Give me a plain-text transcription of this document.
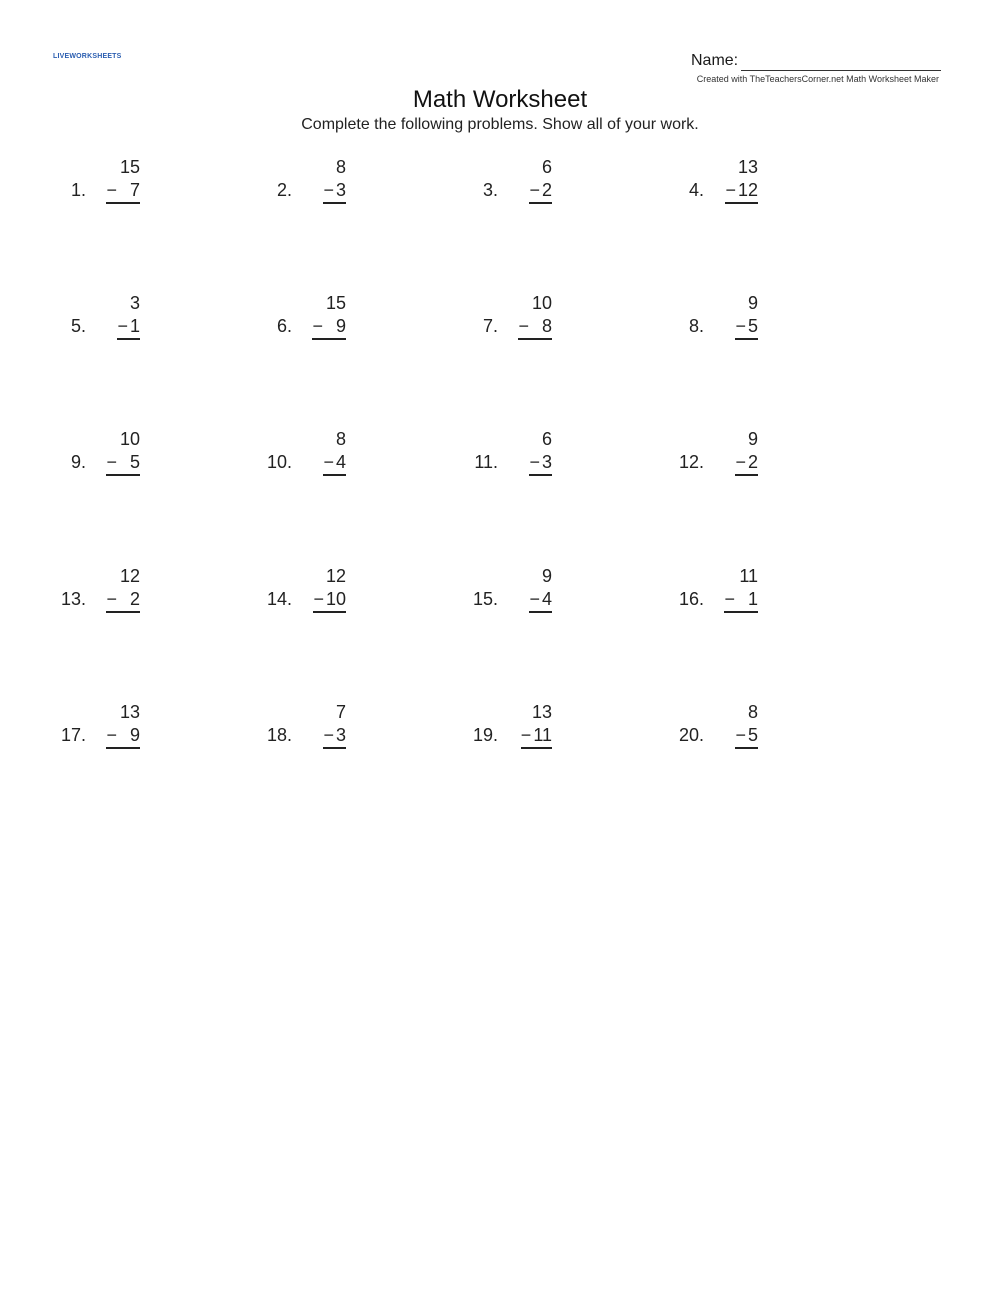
LIVEWORKSHEETS	Name:
Created with TheTeachersCorner.net Math Worksheet Maker
Math Worksheet
Complete the following problems. Show all of your work.
1.
15
− 7	2.
8
− 3	3.
6
− 2	4.
13
− 12
5.
3
− 1	6.
15
− 9	7.
10
− 8	8.
9
− 5
9.
10
− 5	10.
8
− 4	11.
6
− 3	12.
9
− 2
13.
12
− 2	14.
12
− 10	15.
9
− 4	16.
11
− 1
17.
13
− 9	18.
7
− 3	19.
13
− 11	20.
8
− 5
